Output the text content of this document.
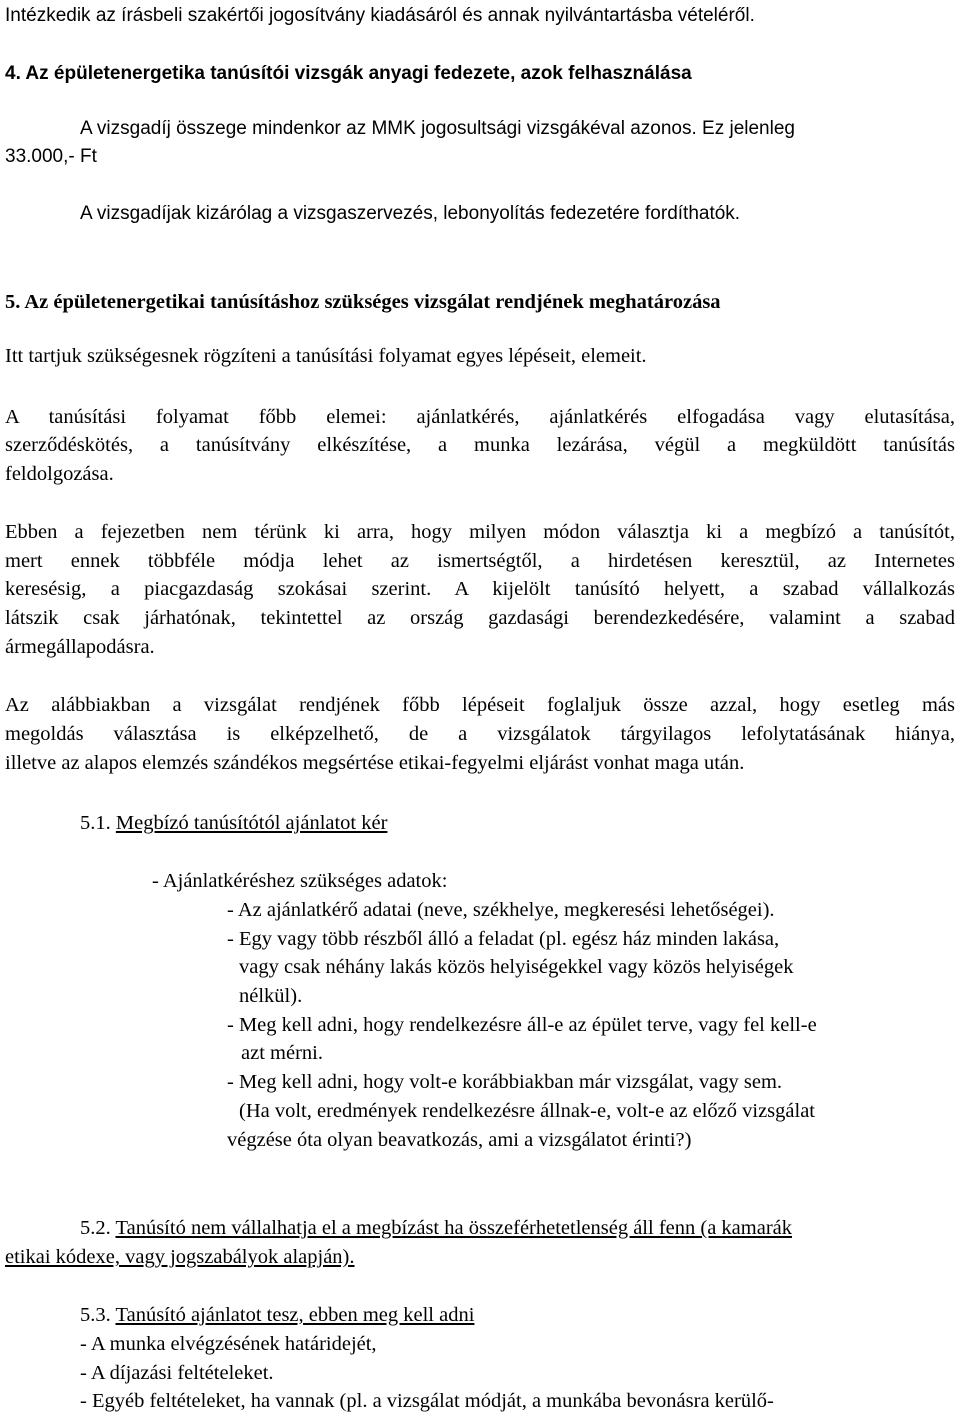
Intézkedik az írásbeli szakértői jogosítvány kiadásáról és annak nyilvántartásba vételéről.
4. Az épületenergetika tanúsítói vizsgák anyagi fedezete, azok felhasználása
A vizsgadíj összege mindenkor az MMK jogosultsági vizsgákéval azonos. Ez jelenleg
33.000,- Ft
A vizsgadíjak kizárólag a vizsgaszervezés, lebonyolítás fedezetére fordíthatók.
5. Az épületenergetikai tanúsításhoz szükséges vizsgálat rendjének meghatározása
Itt tartjuk szükségesnek rögzíteni a tanúsítási folyamat egyes lépéseit, elemeit.
A tanúsítási folyamat főbb elemei: ajánlatkérés, ajánlatkérés elfogadása vagy elutasítása,
szerződéskötés, a tanúsítvány elkészítése, a munka lezárása, végül a megküldött tanúsítás
feldolgozása.
Ebben a fejezetben nem térünk ki arra, hogy milyen módon választja ki a megbízó a tanúsítót,
mert ennek többféle módja lehet az ismertségtől, a hirdetésen keresztül, az Internetes
keresésig, a piacgazdaság szokásai szerint. A kijelölt tanúsító helyett, a szabad vállalkozás
látszik csak járhatónak, tekintettel az ország gazdasági berendezkedésére, valamint a szabad
ármegállapodásra.
Az alábbiakban a vizsgálat rendjének főbb lépéseit foglaljuk össze azzal, hogy esetleg más
megoldás választása is elképzelhető, de a vizsgálatok tárgyilagos lefolytatásának hiánya,
illetve az alapos elemzés szándékos megsértése etikai-fegyelmi eljárást vonhat maga után.
5.1. Megbízó tanúsítótól ajánlatot kér
- Ajánlatkéréshez szükséges adatok:
- Az ajánlatkérő adatai (neve, székhelye, megkeresési lehetőségei).
- Egy vagy több részből álló a feladat (pl. egész ház minden lakása,
vagy csak néhány lakás közös helyiségekkel vagy közös helyiségek
nélkül).
- Meg kell adni, hogy rendelkezésre áll-e az épület terve, vagy fel kell-e
azt mérni.
- Meg kell adni, hogy volt-e korábbiakban már vizsgálat, vagy sem.
(Ha volt, eredmények rendelkezésre állnak-e, volt-e az előző vizsgálat
végzése óta olyan beavatkozás, ami a vizsgálatot érinti?)
5.2. Tanúsító nem vállalhatja el a megbízást ha összeférhetetlenség áll fenn (a kamarák
etikai kódexe, vagy jogszabályok alapján).
5.3. Tanúsító ajánlatot tesz, ebben meg kell adni
- A munka elvégzésének határidejét,
- A díjazási feltételeket.
- Egyéb feltételeket, ha vannak (pl. a vizsgálat módját, a munkába bevonásra kerülő-
